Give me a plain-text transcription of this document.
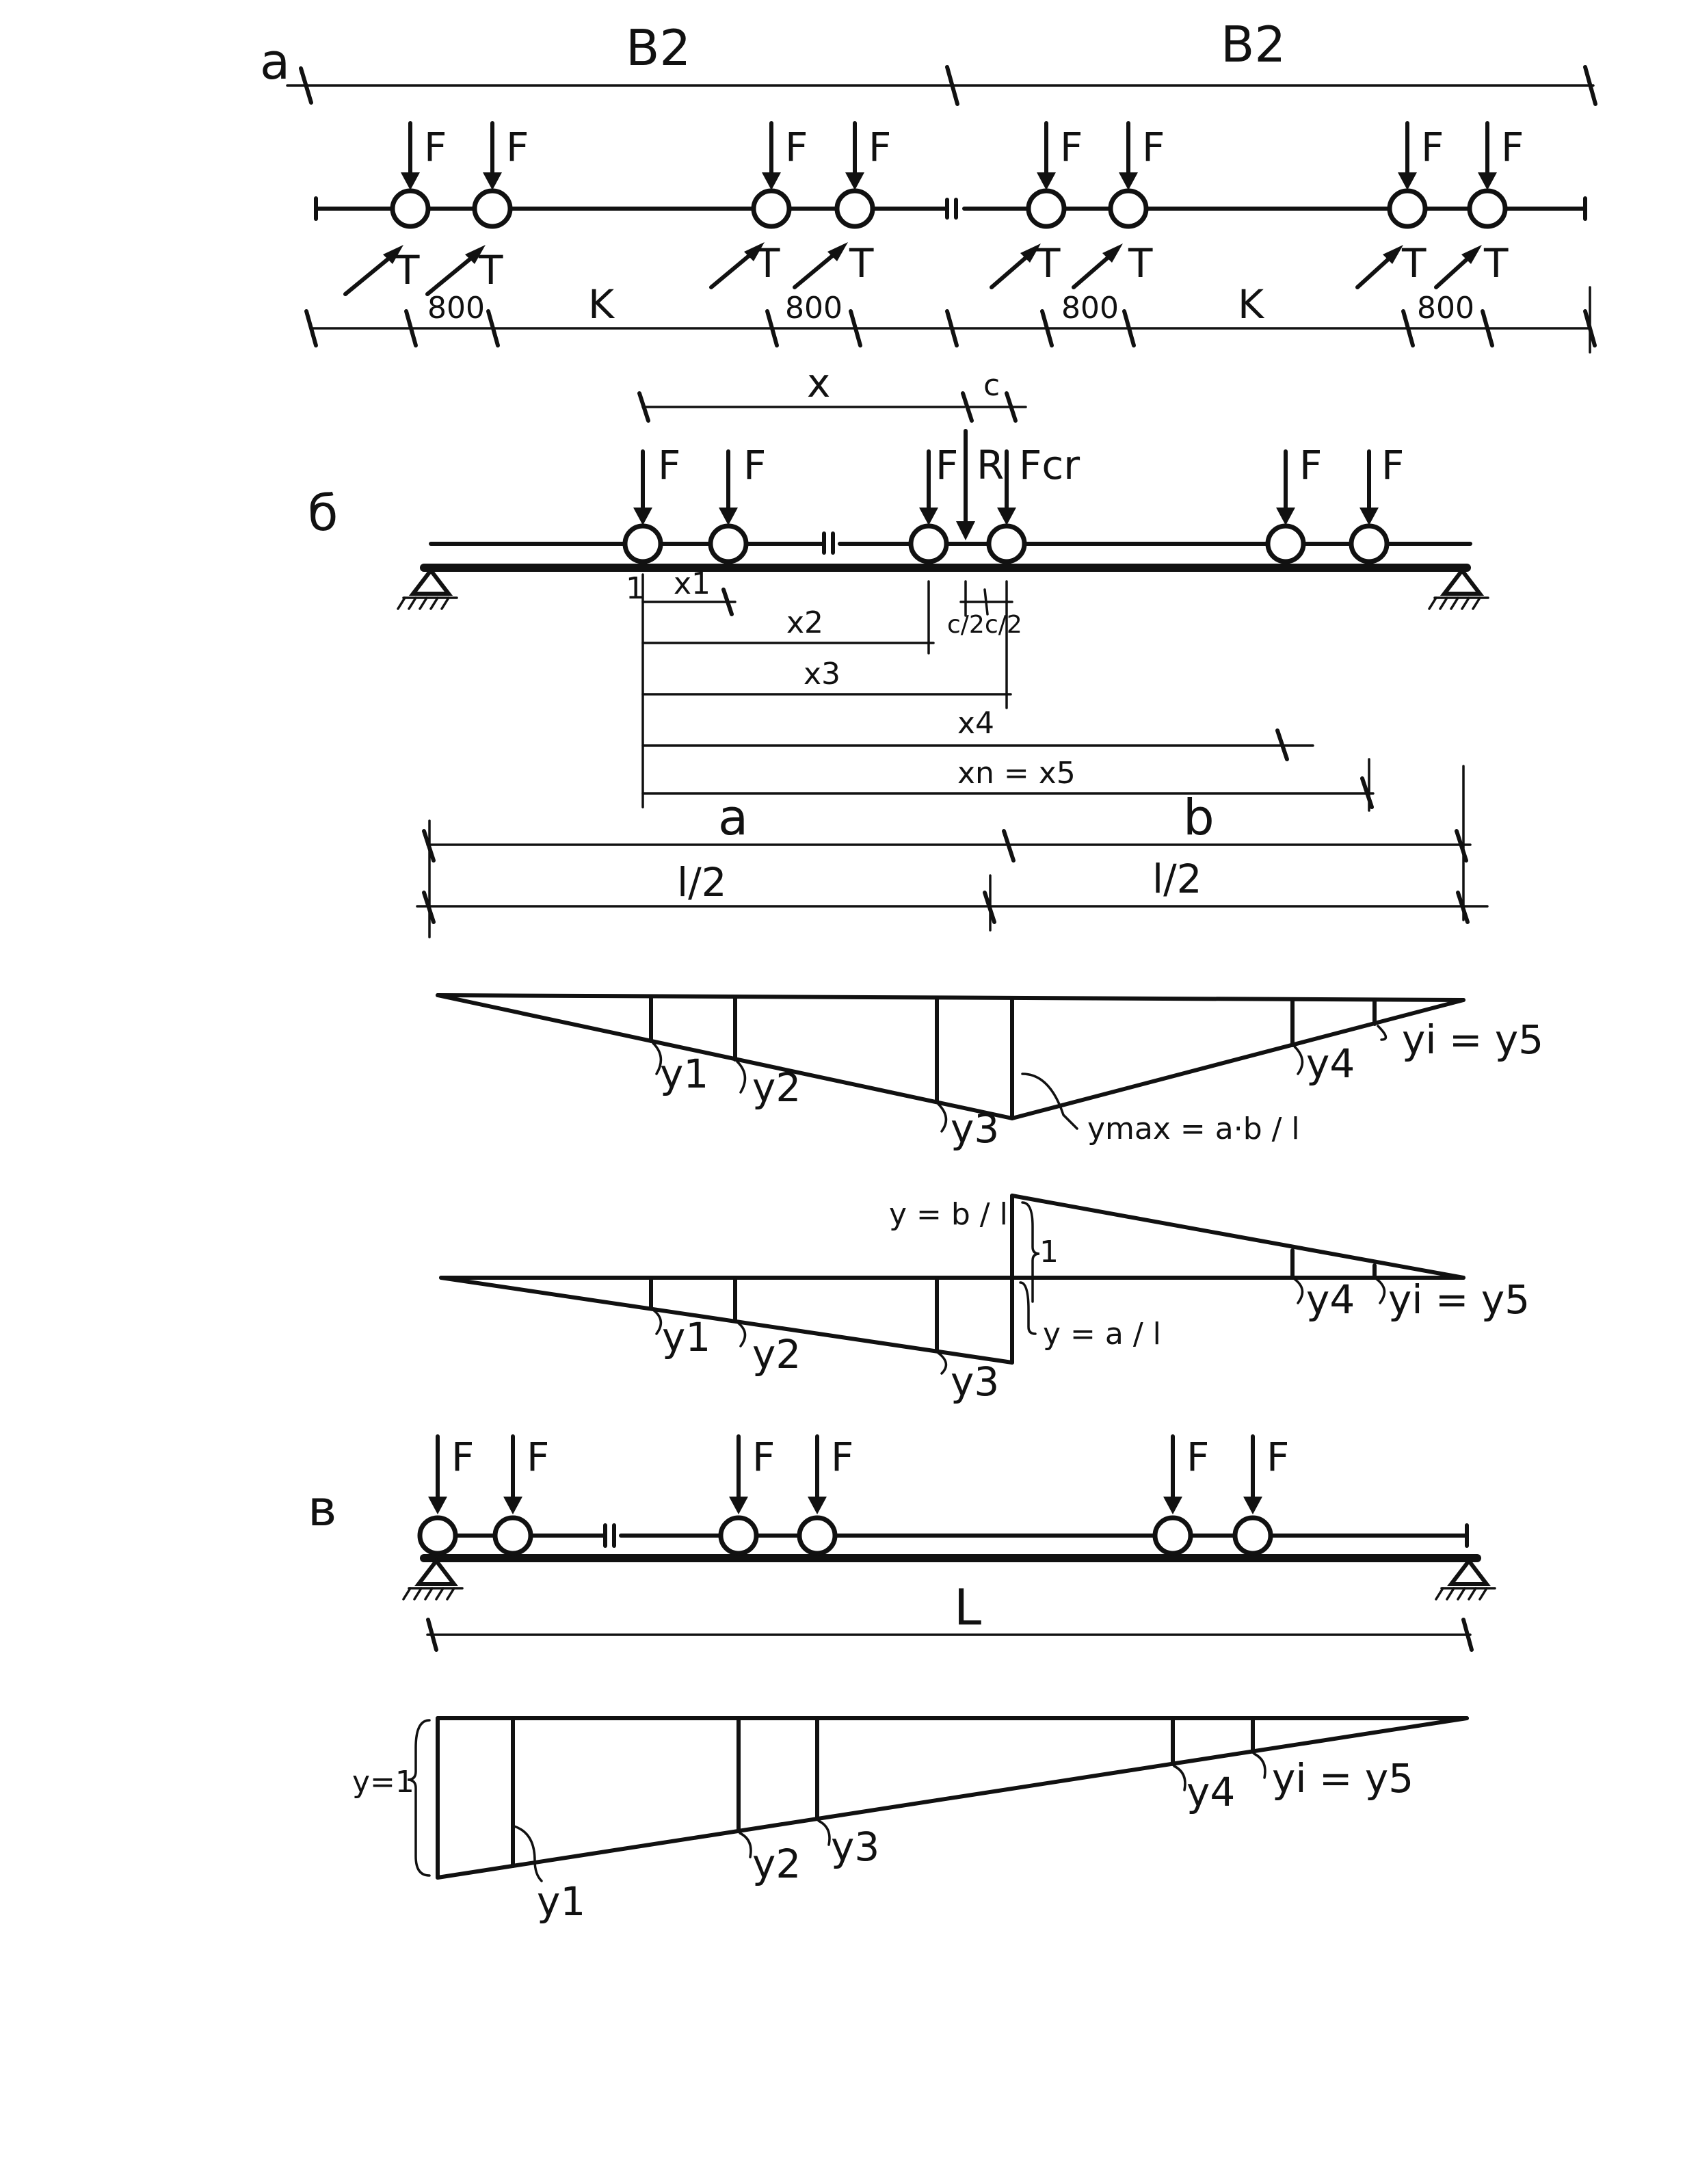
a	B2	B2
F
T
F
T
F
T
F
T
F
T
F
T
F
T
F
T
800	K	800	800	K	800
б
x	c
F F	F R Fcr	F F
1 x1
x2	c/2 c/2
x3
x4
xn = x5
a	b
l/2	l/2
y1 y2
y3	ymax = a·b / l
y4
yi = y5
y1 y2
y3
1
y = b / l
y = a / l
y4 yi = y5
в
F F	F F	F F
L
y=1
y1
y2 y3
y4 yi = y5
